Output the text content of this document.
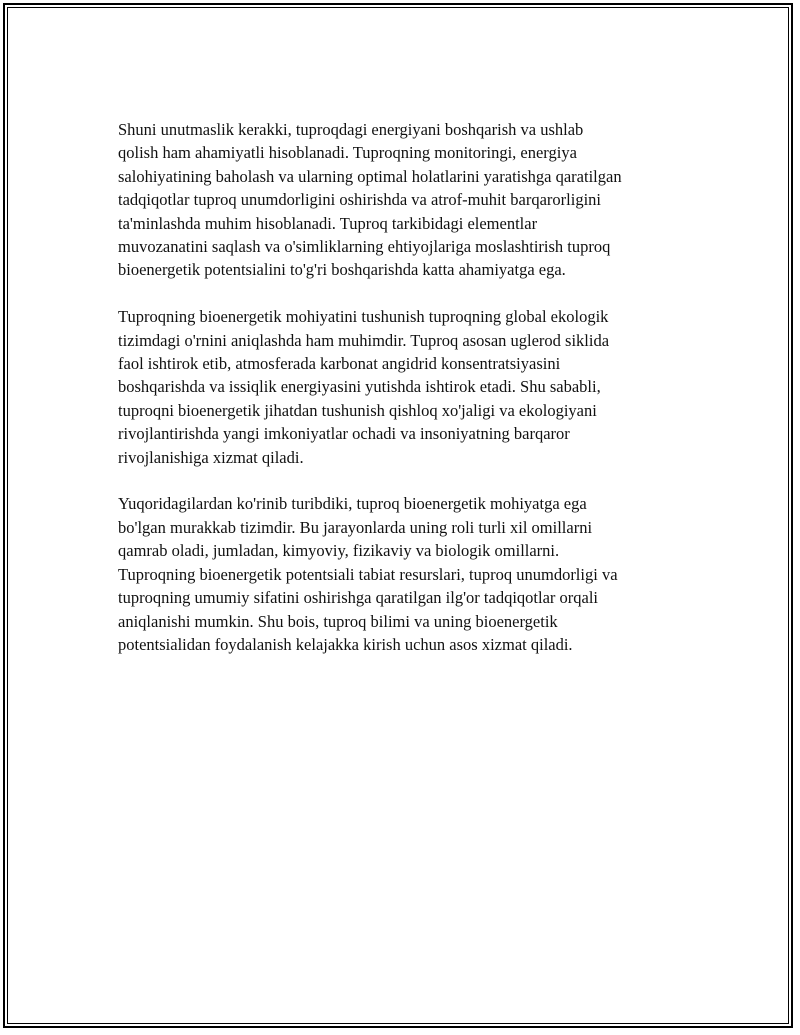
Shuni unutmaslik kerakki, tuproqdagi energiyani boshqarish va ushlab
qolish ham ahamiyatli hisoblanadi. Tuproqning monitoringi, energiya
salohiyatining baholash va ularning optimal holatlarini yaratishga qaratilgan
tadqiqotlar tuproq unumdorligini oshirishda va atrof-muhit barqarorligini
ta'minlashda muhim hisoblanadi. Tuproq tarkibidagi elementlar
muvozanatini saqlash va o'simliklarning ehtiyojlariga moslashtirish tuproq
bioenergetik potentsialini to'g'ri boshqarishda katta ahamiyatga ega.

Tuproqning bioenergetik mohiyatini tushunish tuproqning global ekologik
tizimdagi o'rnini aniqlashda ham muhimdir. Tuproq asosan uglerod siklida
faol ishtirok etib, atmosferada karbonat angidrid konsentratsiyasini
boshqarishda va issiqlik energiyasini yutishda ishtirok etadi. Shu sababli,
tuproqni bioenergetik jihatdan tushunish qishloq xo'jaligi va ekologiyani
rivojlantirishda yangi imkoniyatlar ochadi va insoniyatning barqaror
rivojlanishiga xizmat qiladi.

Yuqoridagilardan ko'rinib turibdiki, tuproq bioenergetik mohiyatga ega
bo'lgan murakkab tizimdir. Bu jarayonlarda uning roli turli xil omillarni
qamrab oladi, jumladan, kimyoviy, fizikaviy va biologik omillarni.
Tuproqning bioenergetik potentsiali tabiat resurslari, tuproq unumdorligi va
tuproqning umumiy sifatini oshirishga qaratilgan ilg'or tadqiqotlar orqali
aniqlanishi mumkin. Shu bois, tuproq bilimi va uning bioenergetik
potentsialidan foydalanish kelajakka kirish uchun asos xizmat qiladi.
